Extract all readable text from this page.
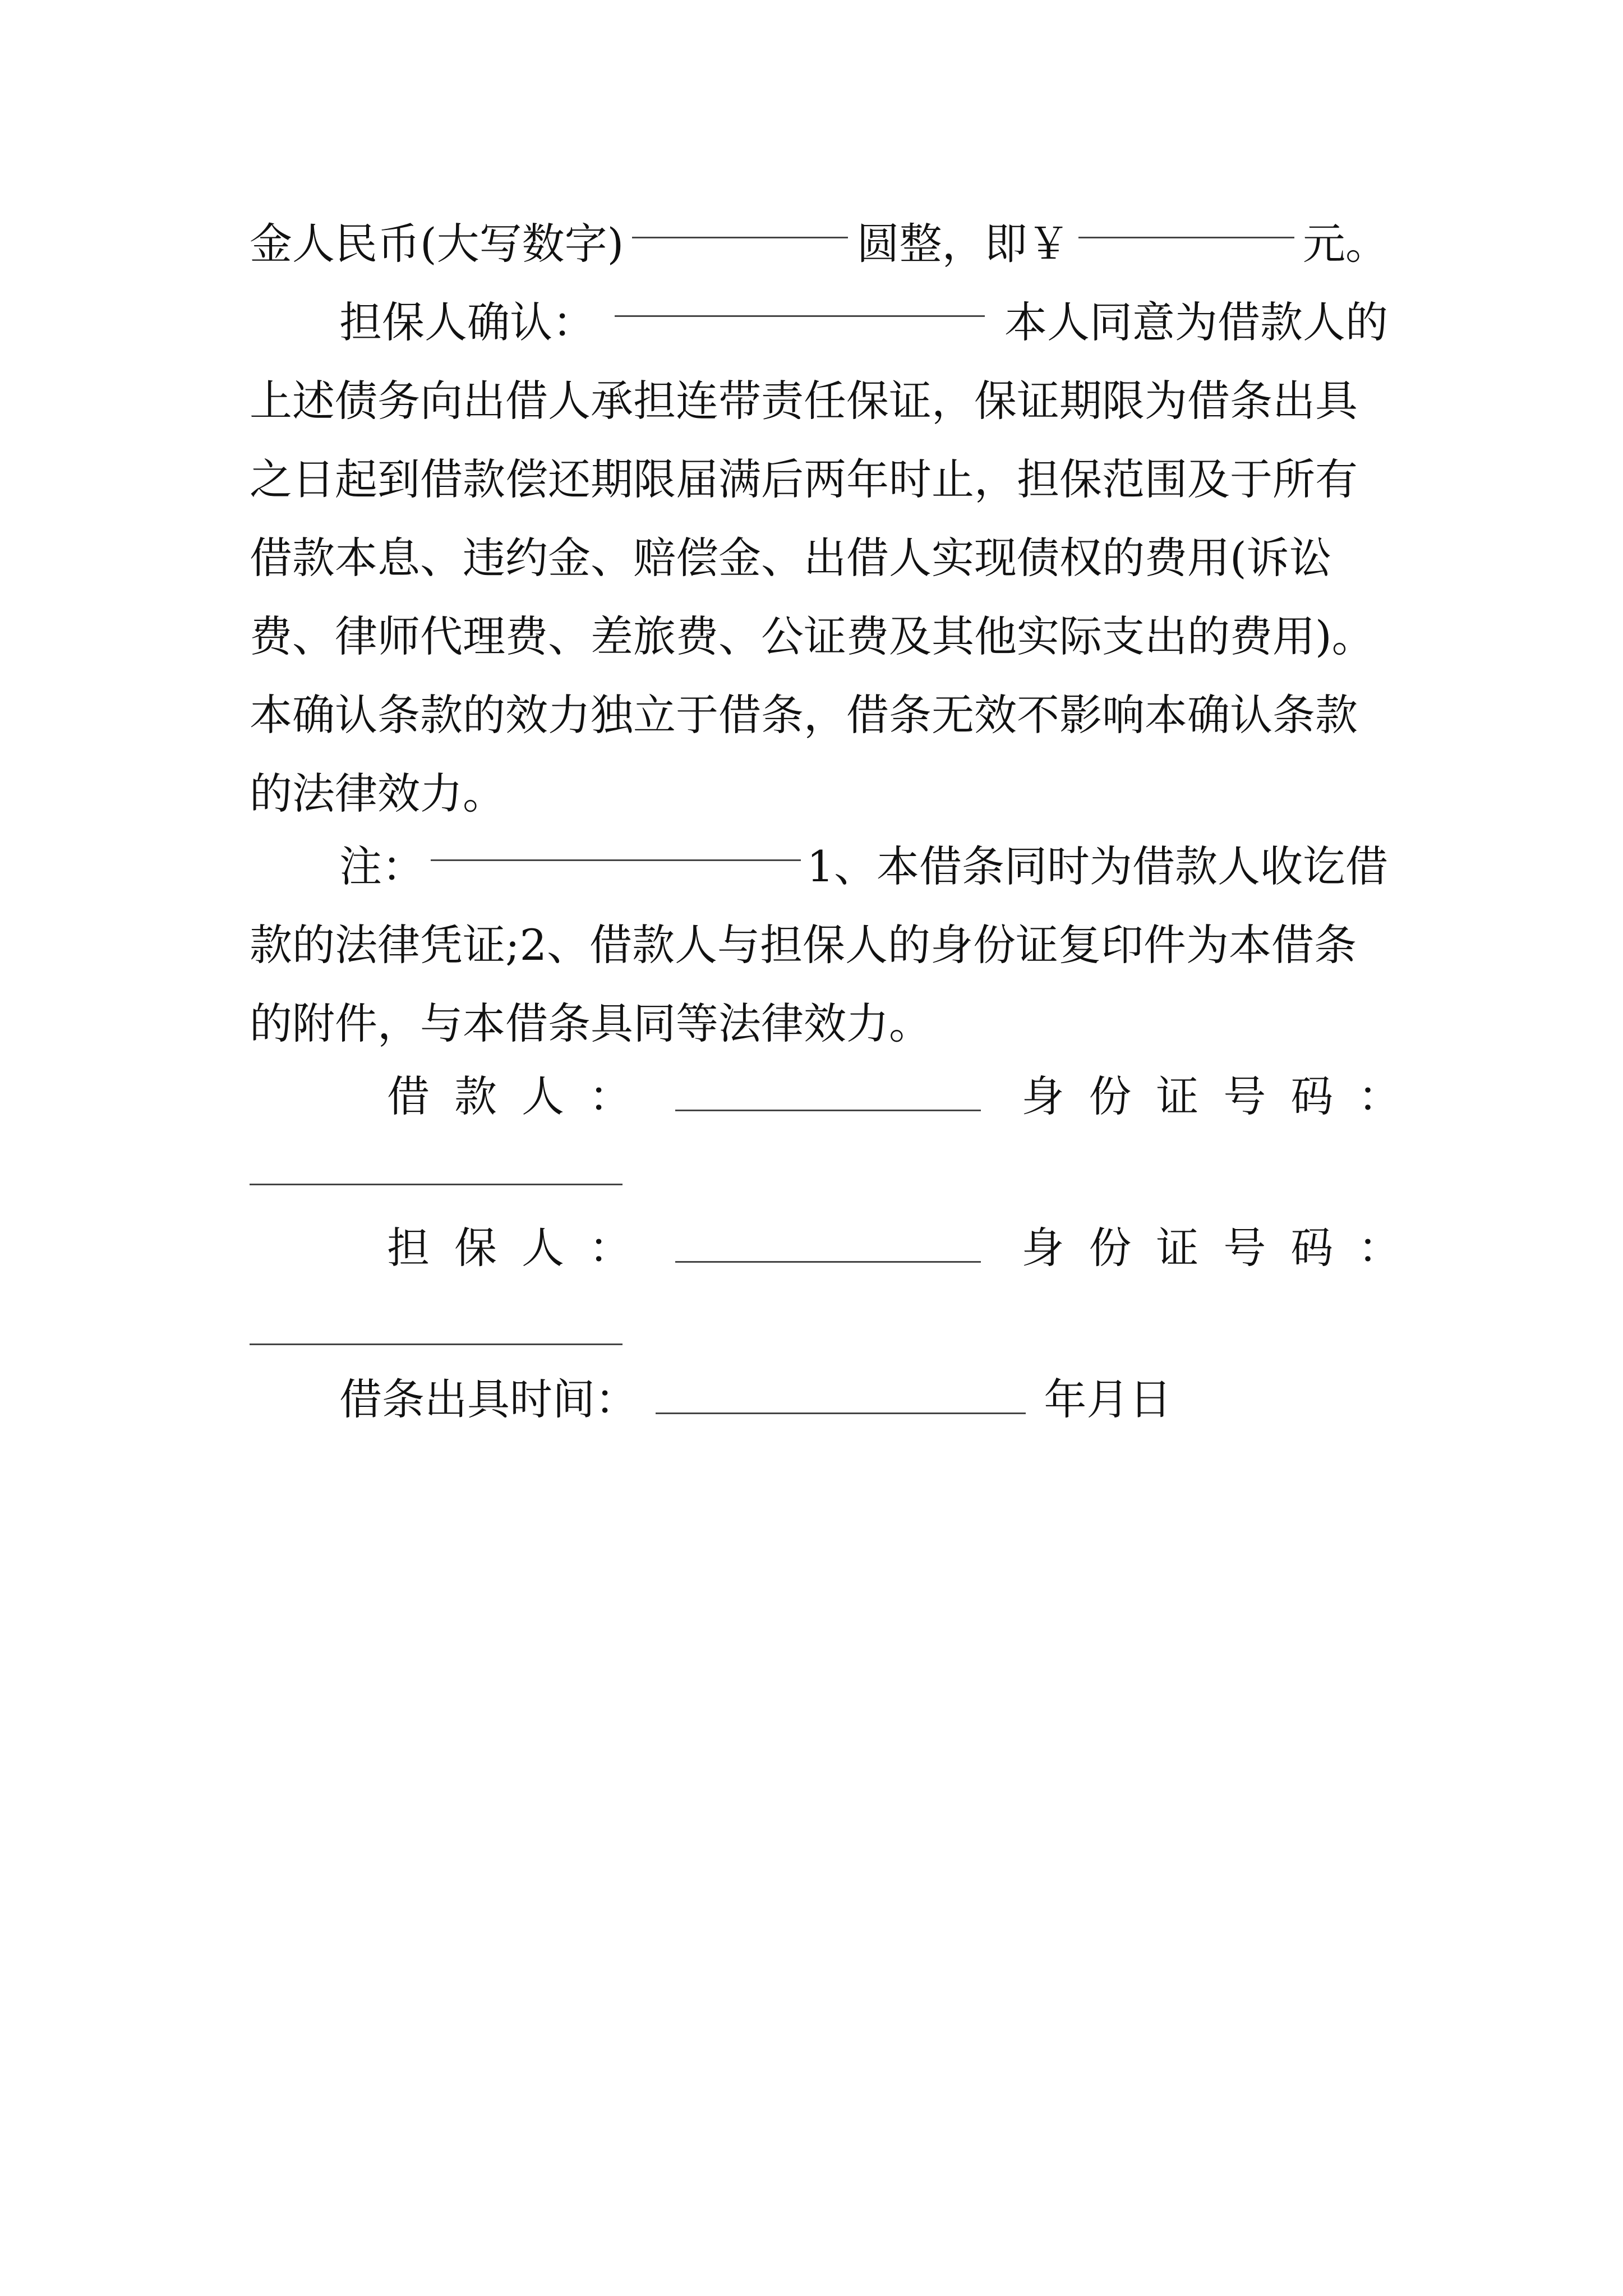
金人民币(大写数字)	圆整，即￥	元。
担保人确认：	本人同意为借款人的
上述债务向出借人承担连带责任保证，保证期限为借条出具
之日起到借款偿还期限届满后两年时止，担保范围及于所有
借款本息、违约金、赔偿金、出借人实现债权的费用(诉讼
费、律师代理费、差旅费、公证费及其他实际支出的费用)。
本确认条款的效力独立于借条，借条无效不影响本确认条款
的法律效力。
注：	1、本借条同时为借款人收讫借
款的法律凭证;2、借款人与担保人的身份证复印件为本借条
的附件，与本借条具同等法律效力。
借款人：	身份证号码：
担保人：	身份证号码：
借条出具时间：	年月日
